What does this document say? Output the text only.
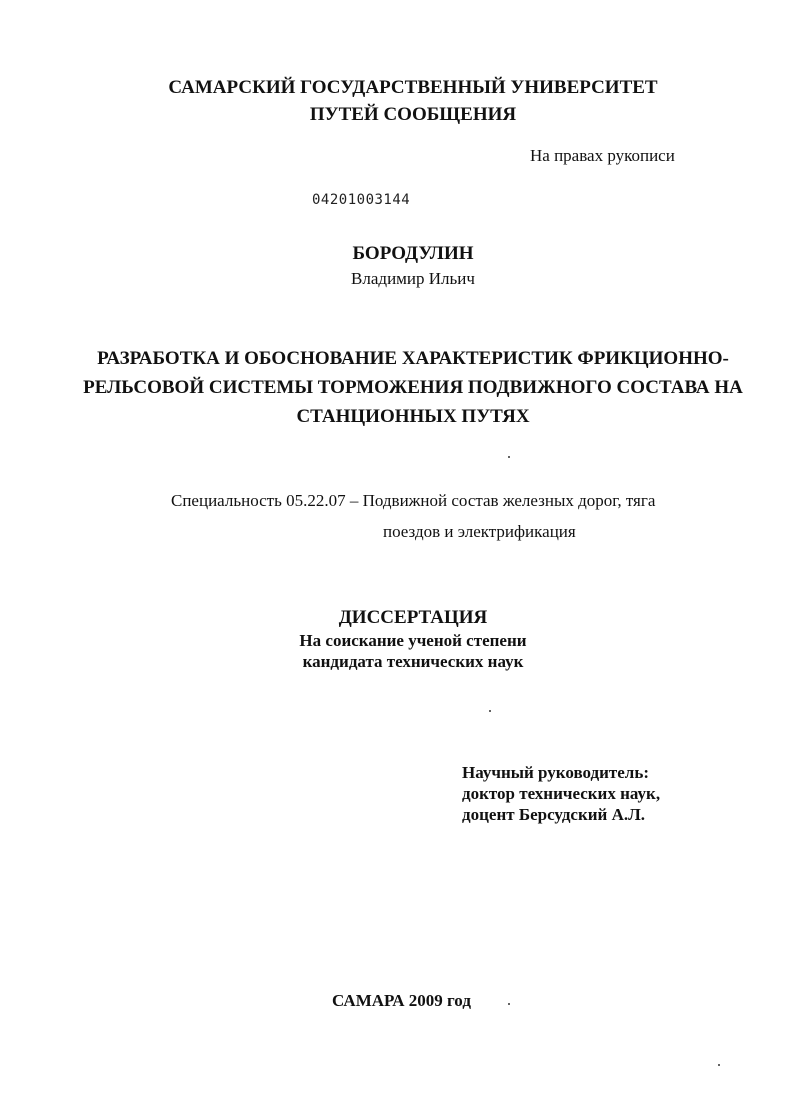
САМАРСКИЙ ГОСУДАРСТВЕННЫЙ УНИВЕРСИТЕТ
ПУТЕЙ СООБЩЕНИЯ
На правах рукописи
04201003144
БОРОДУЛИН
Владимир Ильич
РАЗРАБОТКА И ОБОСНОВАНИЕ ХАРАКТЕРИСТИК ФРИКЦИОННО-
РЕЛЬСОВОЙ СИСТЕМЫ ТОРМОЖЕНИЯ ПОДВИЖНОГО СОСТАВА НА
СТАНЦИОННЫХ ПУТЯХ
Специальность 05.22.07 – Подвижной состав железных дорог, тяга
поездов и электрификация
ДИССЕРТАЦИЯ
На соискание ученой степени
кандидата технических наук
Научный руководитель:
доктор технических наук,
доцент Берсудский А.Л.
САМАРА 2009 год
